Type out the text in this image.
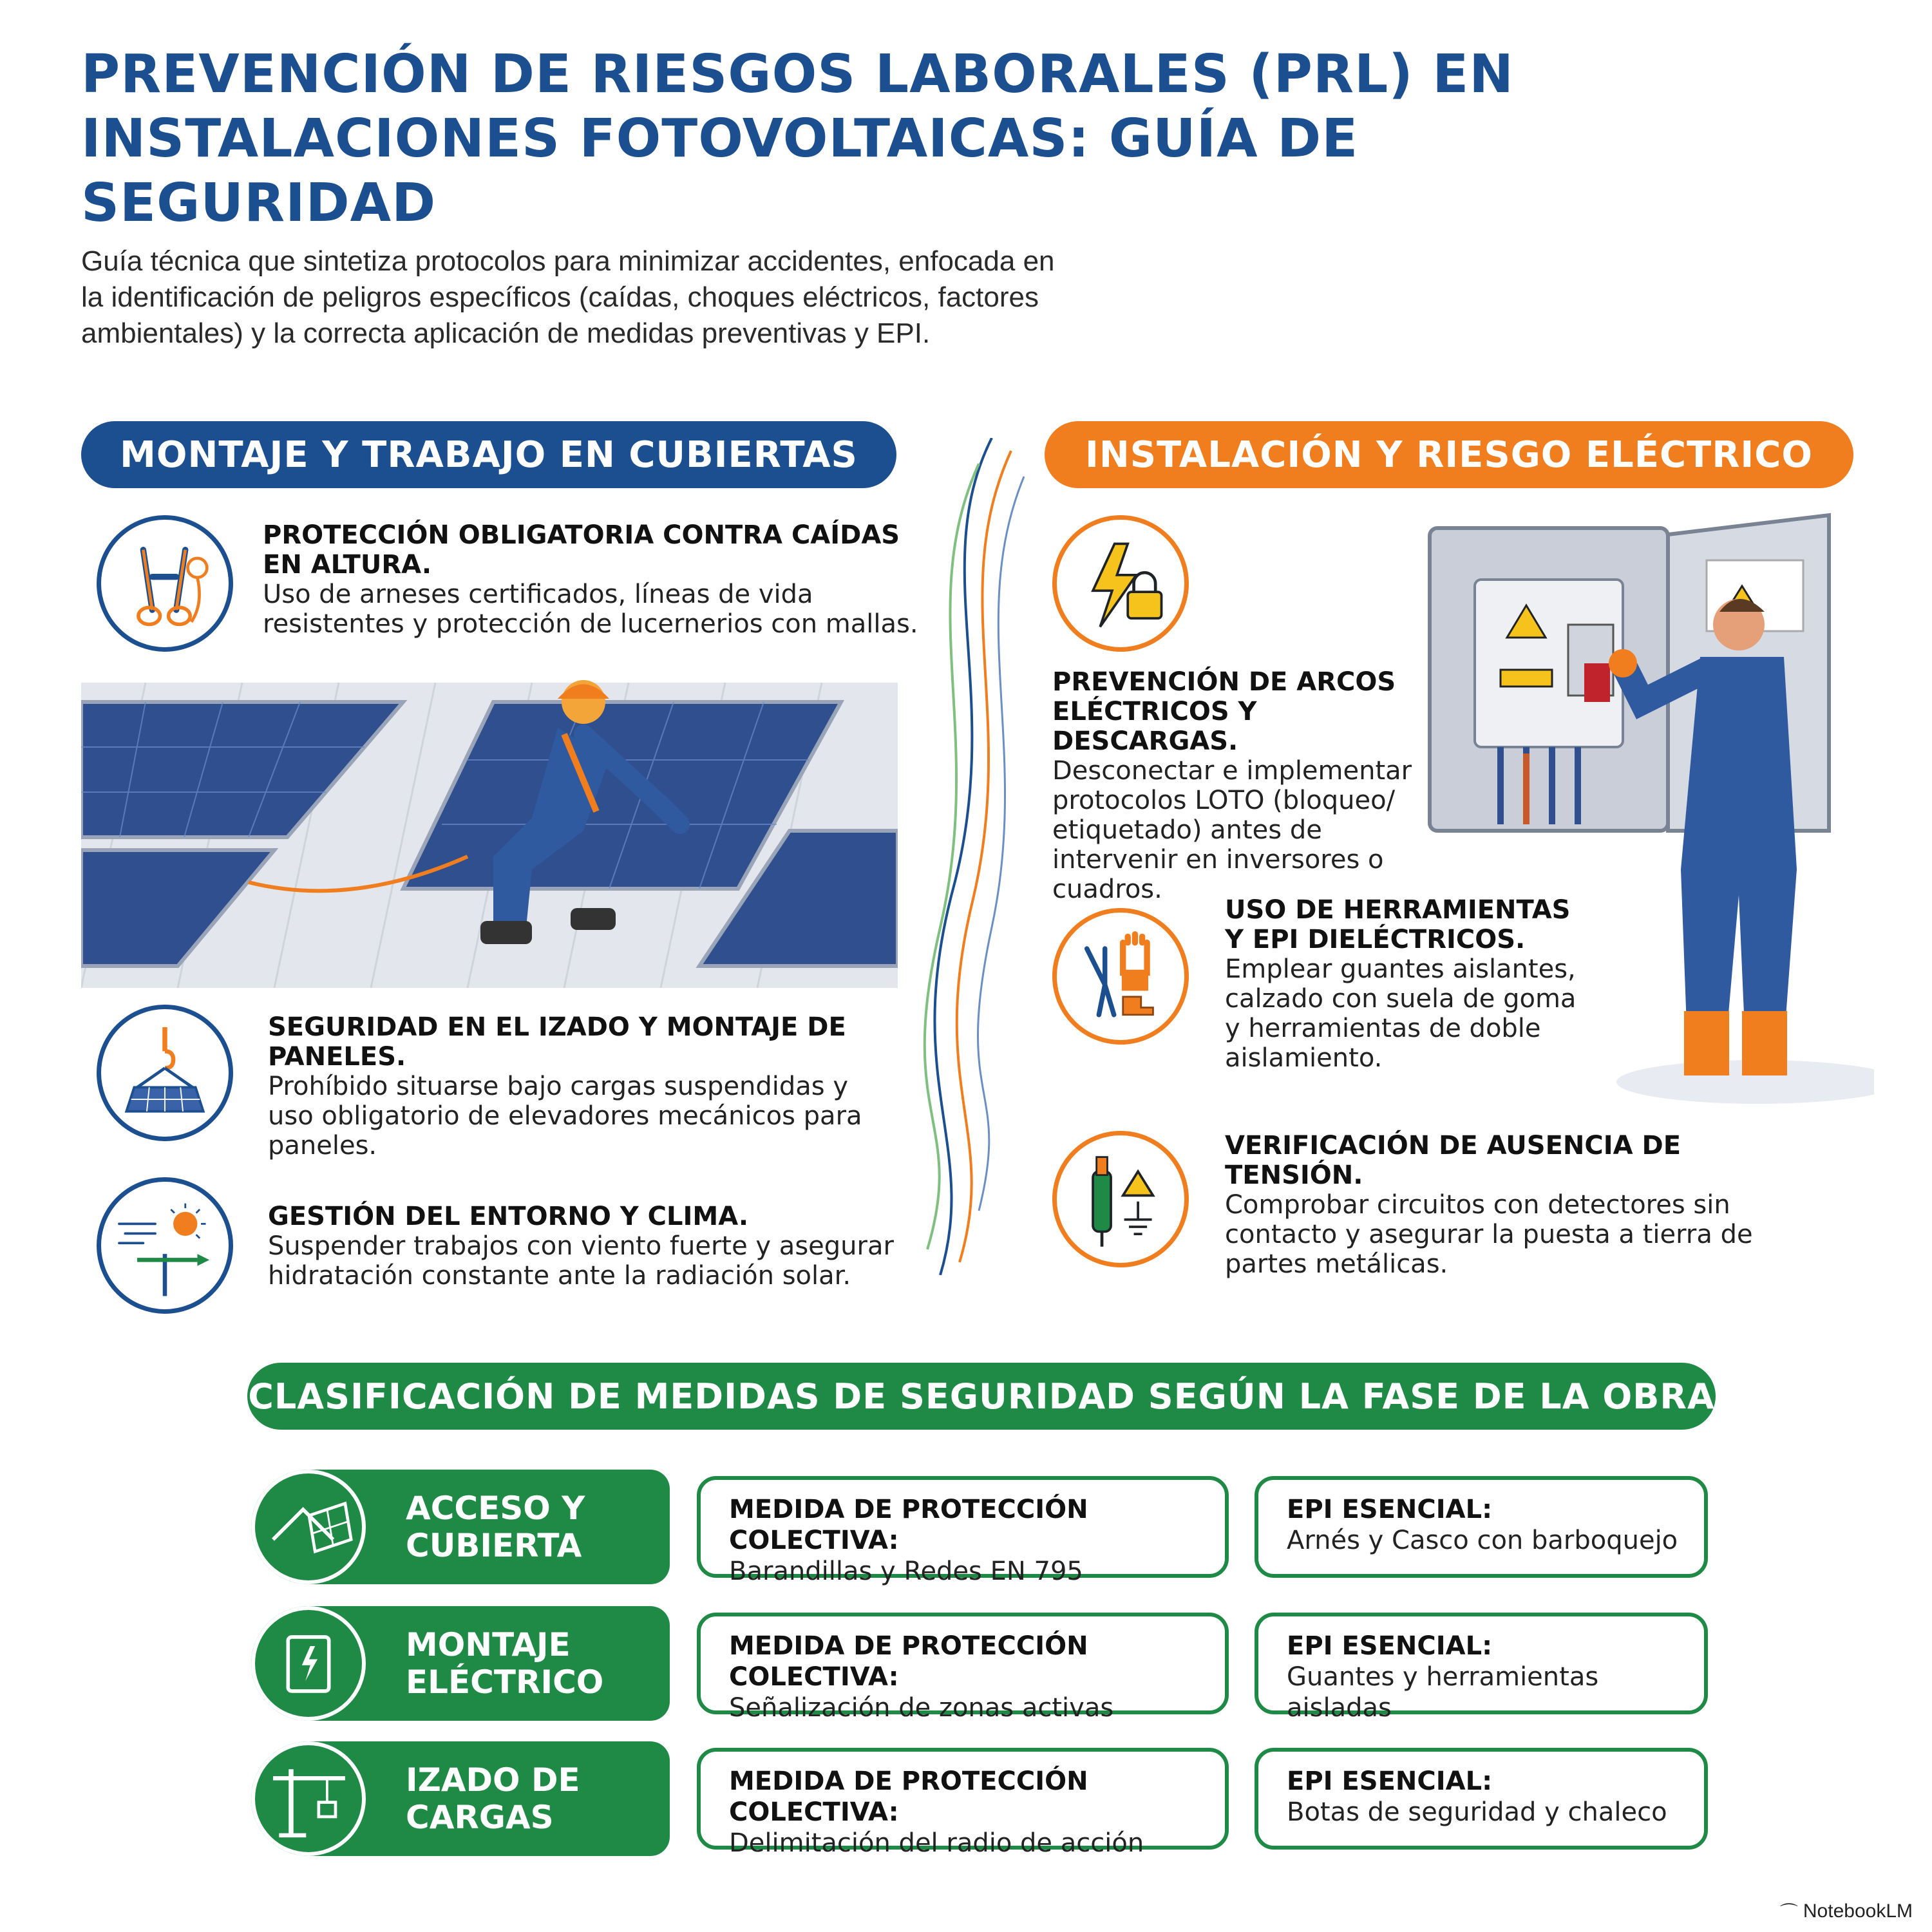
PREVENCIÓN DE RIESGOS LABORALES (PRL) EN INSTALACIONES FOTOVOLTAICAS: GUÍA DE SEGURIDAD
Guía técnica que sintetiza protocolos para minimizar accidentes, enfocada en la identificación de peligros específicos (caídas, choques eléctricos, factores ambientales) y la correcta aplicación de medidas preventivas y EPI.
MONTAJE Y TRABAJO EN CUBIERTAS
PROTECCIÓN OBLIGATORIA CONTRA CAÍDAS EN ALTURA.
Uso de arneses certificados, líneas de vida resistentes y protección de lucernerios con mallas.
SEGURIDAD EN EL IZADO Y MONTAJE DE PANELES.
Prohíbido situarse bajo cargas suspendidas y uso obligatorio de elevadores mecánicos para paneles.
GESTIÓN DEL ENTORNO Y CLIMA.
Suspender trabajos con viento fuerte y asegurar hidratación constante ante la radiación solar.
INSTALACIÓN Y RIESGO ELÉCTRICO
PREVENCIÓN DE ARCOS ELÉCTRICOS Y DESCARGAS.
Desconectar e implementar protocolos LOTO (bloqueo/ etiquetado) antes de intervenir en inversores o cuadros.
USO DE HERRAMIENTAS Y EPI DIELÉCTRICOS.
Emplear guantes aislantes, calzado con suela de goma y herramientas de doble aislamiento.
VERIFICACIÓN DE AUSENCIA DE TENSIÓN.
Comprobar circuitos con detectores sin contacto y asegurar la puesta a tierra de partes metálicas.
CLASIFICACIÓN DE MEDIDAS DE SEGURIDAD SEGÚN LA FASE DE LA OBRA
ACCESO Y CUBIERTA
MEDIDA DE PROTECCIÓN COLECTIVA:
Barandillas y Redes EN 795
EPI ESENCIAL:
Arnés y Casco con barboquejo
MONTAJE ELÉCTRICO
MEDIDA DE PROTECCIÓN COLECTIVA:
Señalización de zonas activas
EPI ESENCIAL:
Guantes y herramientas aisladas
IZADO DE CARGAS
MEDIDA DE PROTECCIÓN COLECTIVA:
Delimitación del radio de acción
EPI ESENCIAL:
Botas de seguridad y chaleco
⌒ NotebookLM
